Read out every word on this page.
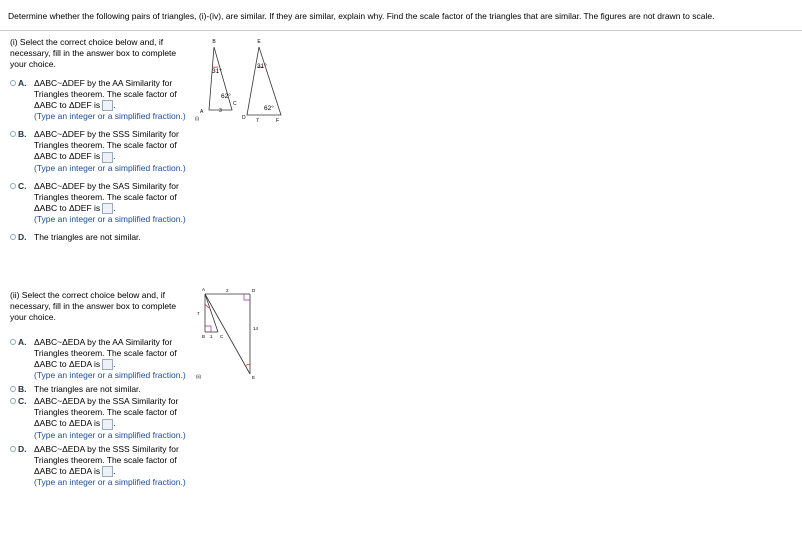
Determine whether the following pairs of triangles, (i)-(iv), are similar. If they are similar, explain why. Find the scale factor of the triangles that are similar. The figures are not drawn to scale.
(i) Select the correct choice below and, if necessary, fill in the answer box to complete your choice.
A. ΔABC~ΔDEF by the AA Similarity for Triangles theorem. The scale factor of ΔABC to ΔDEF is .
(Type an integer or a simplified fraction.)
B. ΔABC~ΔDEF by the SSS Similarity for Triangles theorem. The scale factor of ΔABC to ΔDEF is .
(Type an integer or a simplified fraction.)
C. ΔABC~ΔDEF by the SAS Similarity for Triangles theorem. The scale factor of ΔABC to ΔDEF is .
(Type an integer or a simplified fraction.)
D. The triangles are not similar.
B
A
C
E
D	F
3
7
31°
62°
31°
62°
(i)
(ii) Select the correct choice below and, if necessary, fill in the answer box to complete your choice.
A. ΔABC~ΔEDA by the AA Similarity for Triangles theorem. The scale factor of ΔABC to ΔEDA is .
(Type an integer or a simplified fraction.)
B. The triangles are not similar.
C. ΔABC~ΔEDA by the SSA Similarity for Triangles theorem. The scale factor of ΔABC to ΔEDA is .
(Type an integer or a simplified fraction.)
D. ΔABC~ΔEDA by the SSS Similarity for Triangles theorem. The scale factor of ΔABC to ΔEDA is .
(Type an integer or a simplified fraction.)
A	D
B	C
E
2
7
14
1
(ii)
